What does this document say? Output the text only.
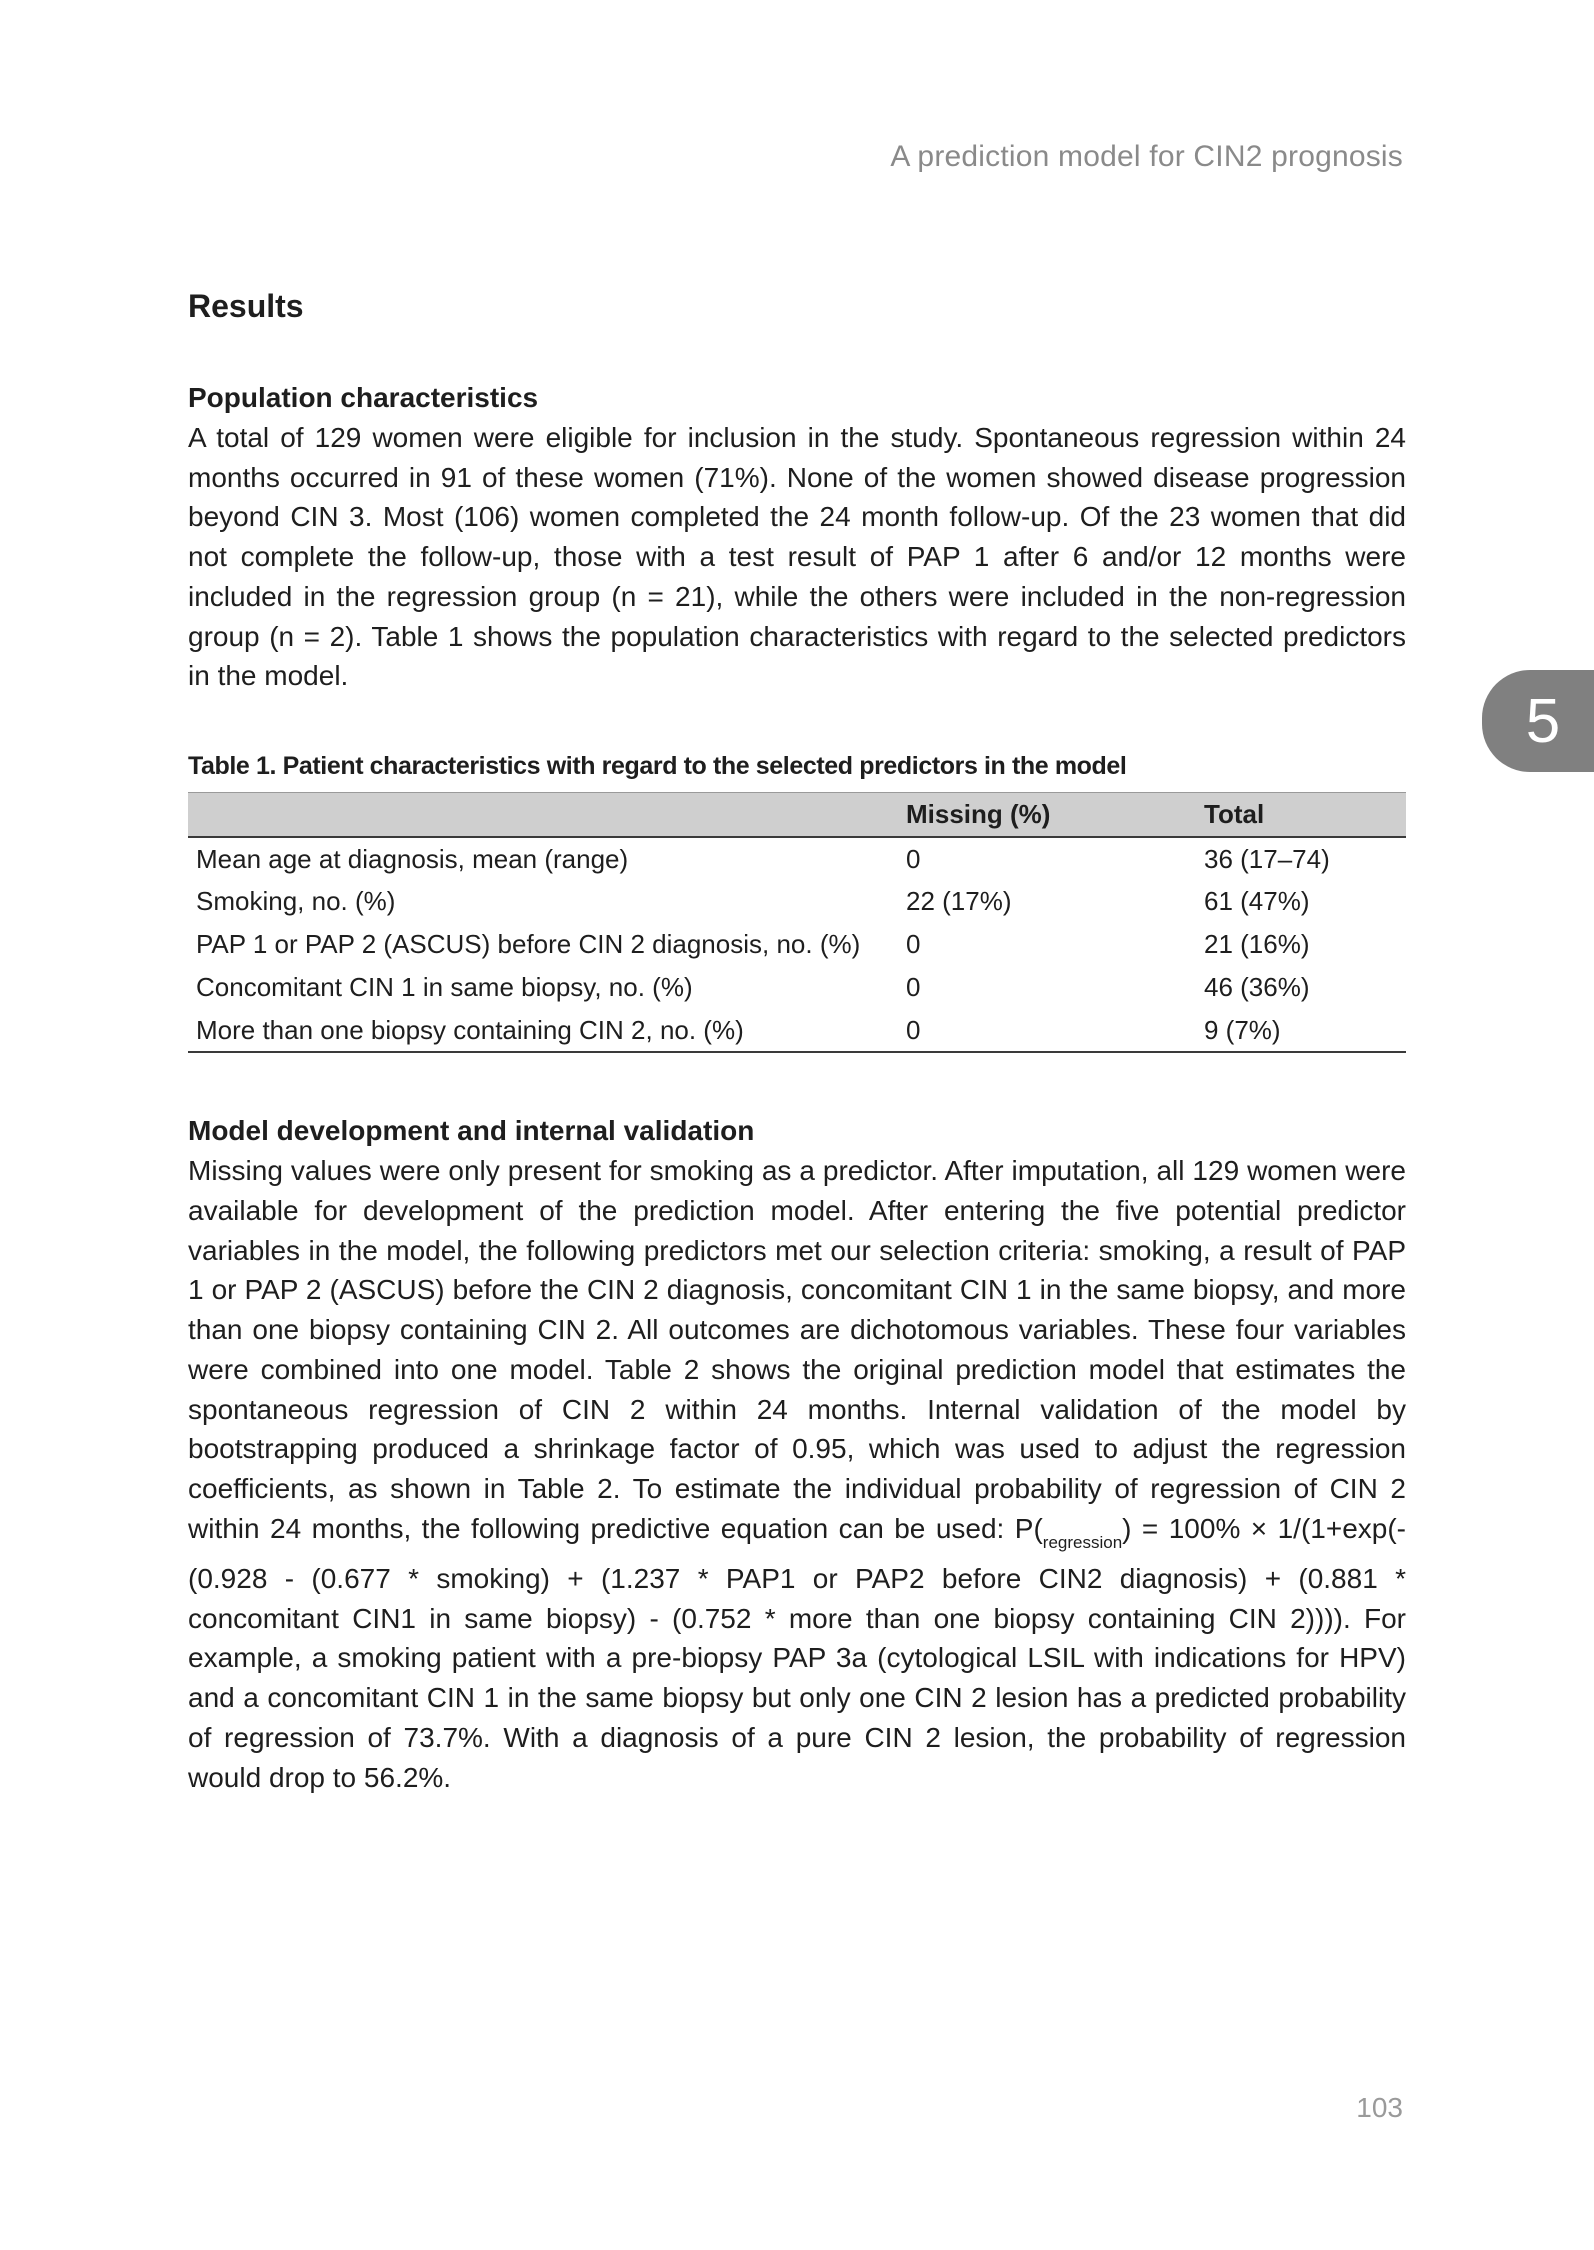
A prediction model for CIN2 prognosis
5
Results
Population characteristics

A total of 129 women were eligible for inclusion in the study. Spontaneous regression within 24 months occurred in 91 of these women (71%). None of the women showed disease progression beyond CIN 3. Most (106) women completed the 24 month follow-up. Of the 23 women that did not complete the follow-up, those with a test result of PAP 1 after 6 and/or 12 months were included in the regression group (n = 21), while the others were included in the non-regression group (n = 2). Table 1 shows the population characteristics with regard to the selected predictors in the model.

Table 1. Patient characteristics with regard to the selected predictors in the model
	Missing (%)	Total
Mean age at diagnosis, mean (range)	0	36 (17–74)
Smoking, no. (%)	22 (17%)	61 (47%)
PAP 1 or PAP 2 (ASCUS) before CIN 2 diagnosis, no. (%)	0	21 (16%)
Concomitant CIN 1 in same biopsy, no. (%)	0	46 (36%)
More than one biopsy containing CIN 2, no. (%)	0	9 (7%)
Model development and internal validation

Missing values were only present for smoking as a predictor. After imputation, all 129 women were available for development of the prediction model. After entering the five potential predictor variables in the model, the following predictors met our selection criteria: smoking, a result of PAP 1 or PAP 2 (ASCUS) before the CIN 2 diagnosis, concomitant CIN 1 in the same biopsy, and more than one biopsy containing CIN 2. All outcomes are dichotomous variables. These four variables were combined into one model. Table 2 shows the original prediction model that estimates the spontaneous regression of CIN 2 within 24 months. Internal validation of the model by bootstrapping produced a shrinkage factor of 0.95, which was used to adjust the regression coefficients, as shown in Table 2. To estimate the individual probability of regression of CIN 2 within 24 months, the following predictive equation can be used: $P(_{regression}) = 100\% \times 1/(1+\exp(-(0.928 - (0.677$ * smoking) + (1.237 * PAP1 or PAP2 before CIN2 diagnosis) + (0.881 * concomitant CIN1 in same biopsy) - (0.752 * more than one biopsy containing CIN 2)))). For example, a smoking patient with a pre-biopsy PAP 3a (cytological LSIL with indications for HPV) and a concomitant CIN 1 in the same biopsy but only one CIN 2 lesion has a predicted probability of regression of 73.7%. With a diagnosis of a pure CIN 2 lesion, the probability of regression would drop to 56.2%.

103
